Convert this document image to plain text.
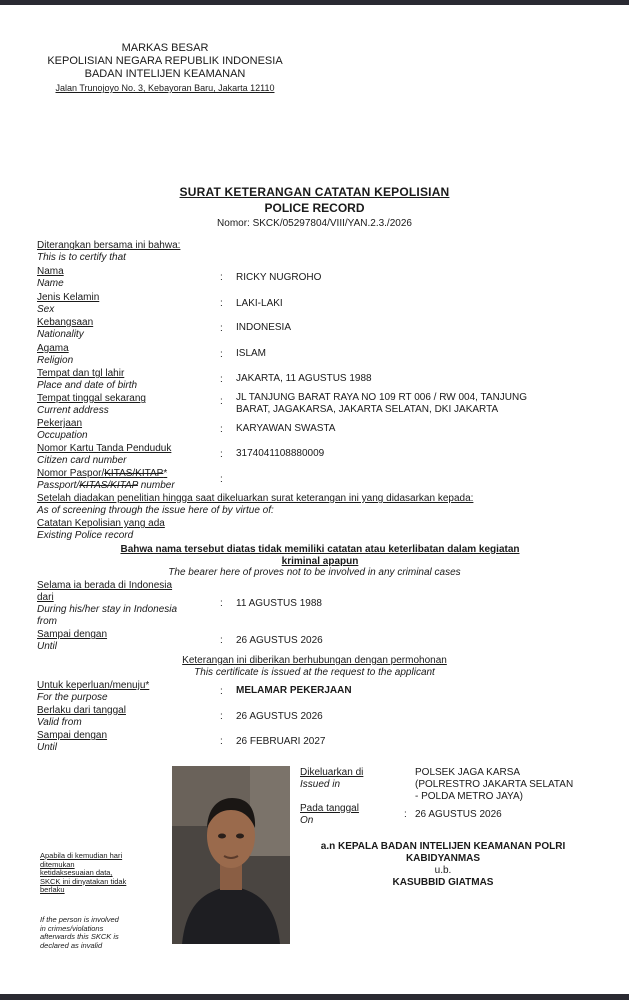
MARKAS BESAR
KEPOLISIAN NEGARA REPUBLIK INDONESIA
BADAN INTELIJEN KEAMANAN
Jalan Trunojoyo No. 3, Kebayoran Baru, Jakarta 12110
SURAT KETERANGAN CATATAN KEPOLISIAN
POLICE RECORD
Nomor: SKCK/05297804/VIII/YAN.2.3./2026
Diterangkan bersama ini bahwa:
This is to certify that
Nama
Name
: RICKY NUGROHO
Jenis Kelamin
Sex
: LAKI-LAKI
Kebangsaan
Nationality
: INDONESIA
Agama
Religion
: ISLAM
Tempat dan tgl lahir
Place and date of birth
: JAKARTA, 11 AGUSTUS 1988
Tempat tinggal sekarang
Current address
: JL TANJUNG BARAT RAYA NO 109 RT 006 / RW 004, TANJUNG
BARAT, JAGAKARSA, JAKARTA SELATAN, DKI JAKARTA
Pekerjaan
Occupation
: KARYAWAN SWASTA
Nomor Kartu Tanda Penduduk
Citizen card number
: 3174041108880009
Nomor Paspor/KITAS/KITAP*
Passport/KITAS/KITAP number
:
Setelah diadakan penelitian hingga saat dikeluarkan surat keterangan ini yang didasarkan kepada:
As of screening through the issue here of by virtue of:
Catatan Kepolisian yang ada
Existing Police record
Bahwa nama tersebut diatas tidak memiliki catatan atau keterlibatan dalam kegiatan
kriminal apapun
The bearer here of proves not to be involved in any criminal cases
Selama ia berada di Indonesia
dari
During his/her stay in Indonesia
from
: 11 AGUSTUS 1988
Sampai dengan
Until
: 26 AGUSTUS 2026
Keterangan ini diberikan berhubungan dengan permohonan
This certificate is issued at the request to the applicant
Untuk keperluan/menuju*
For the purpose
: MELAMAR PEKERJAAN
Berlaku dari tanggal
Valid from
: 26 AGUSTUS 2026
Sampai dengan
Until
: 26 FEBRUARI 2027
Dikeluarkan di
Issued in
POLSEK JAGA KARSA
(POLRESTRO JAKARTA SELATAN
- POLDA METRO JAYA)
Pada tanggal
On
: 26 AGUSTUS 2026
a.n KEPALA BADAN INTELIJEN KEAMANAN POLRI
KABIDYANMAS
u.b.
KASUBBID GIATMAS
Apabila di kemudian hari
ditemukan
ketidaksesuaian data,
SKCK ini dinyatakan tidak
berlaku
If the person is involved
in crimes/violations
afterwards this SKCK is
declared as invalid
